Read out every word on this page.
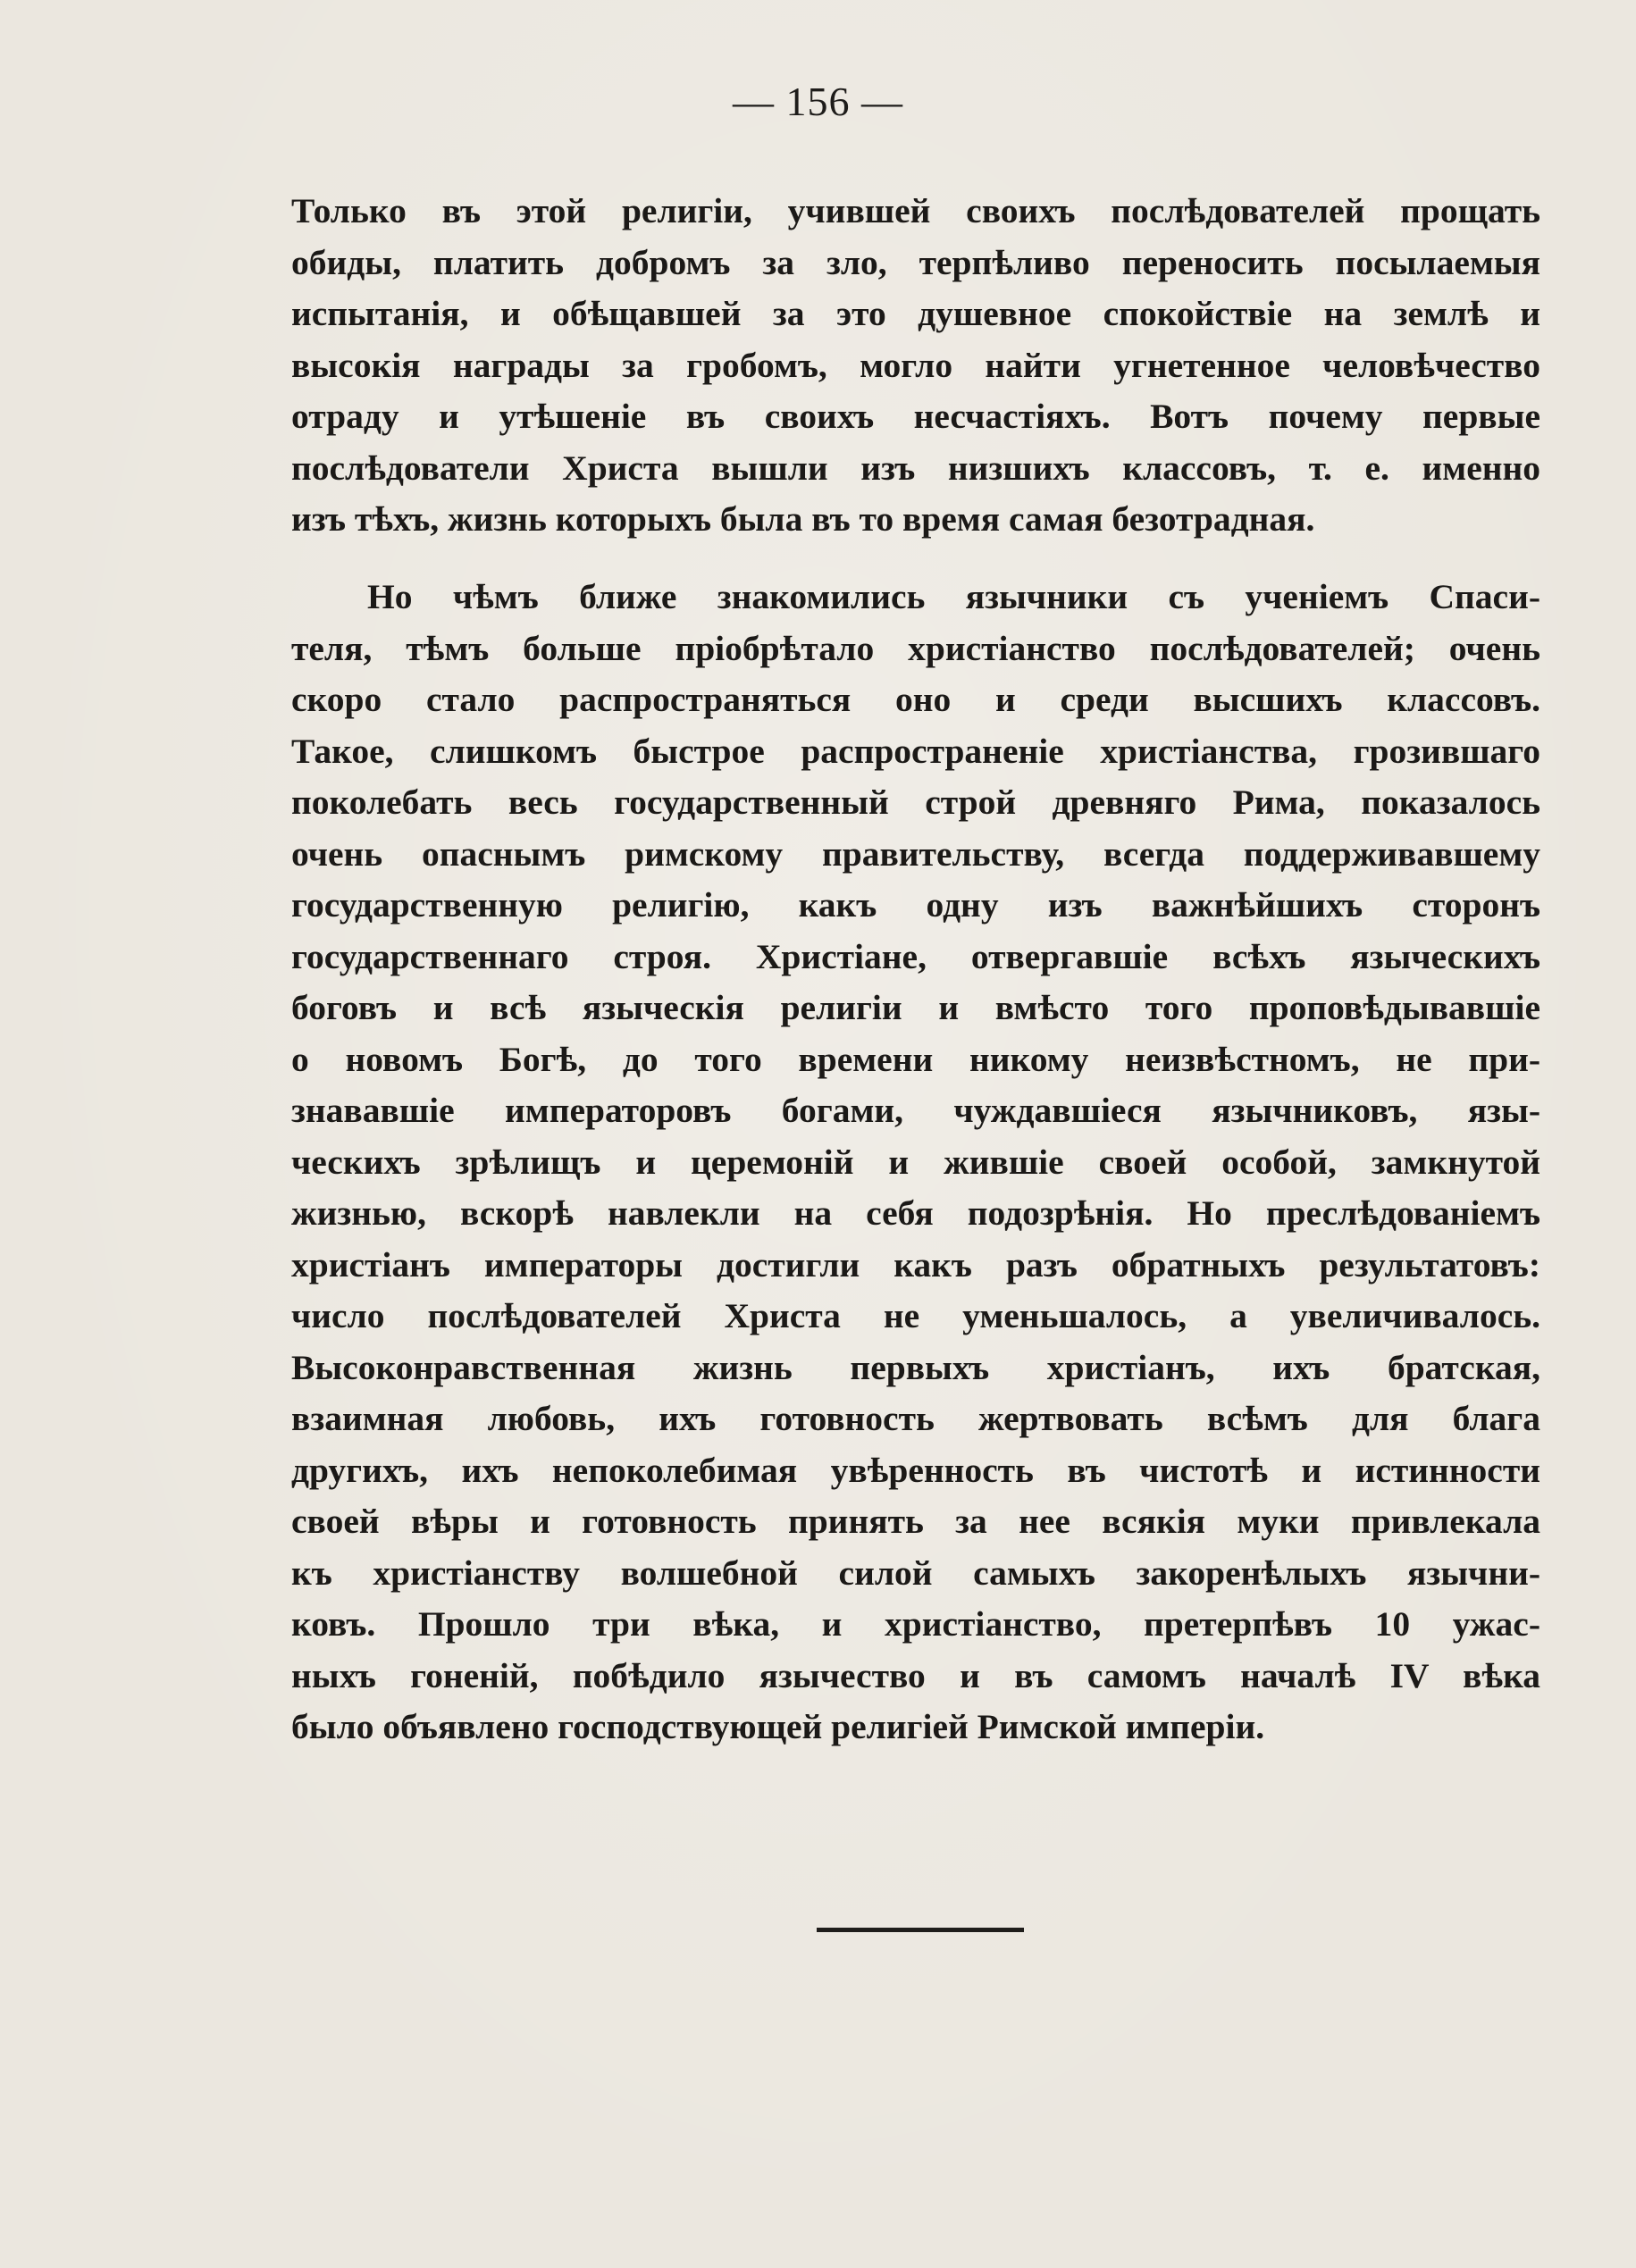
— 156 —
Только въ этой религіи, учившей своихъ послѣдователей прощать
обиды, платить добромъ за зло, терпѣливо переносить посылаемыя
испытанія, и обѣщавшей за это душевное спокойствіе на землѣ и
высокія награды за гробомъ, могло найти угнетенное человѣчество
отраду и утѣшеніе въ своихъ несчастіяхъ. Вотъ почему первые
послѣдователи Христа вышли изъ низшихъ классовъ, т. е. именно
изъ тѣхъ, жизнь которыхъ была въ то время самая безотрадная.
Но чѣмъ ближе знакомились язычники съ ученіемъ Спаси-
теля, тѣмъ больше пріобрѣтало христіанство послѣдователей; очень
скоро стало распространяться оно и среди высшихъ классовъ.
Такое, слишкомъ быстрое распространеніе христіанства, грозившаго
поколебать весь государственный строй древняго Рима, показалось
очень опаснымъ римскому правительству, всегда поддерживавшему
государственную религію, какъ одну изъ важнѣйшихъ сторонъ
государственнаго строя. Христіане, отвергавшіе всѣхъ языческихъ
боговъ и всѣ языческія религіи и вмѣсто того проповѣдывавшіе
о новомъ Богѣ, до того времени никому неизвѣстномъ, не при-
знававшіе императоровъ богами, чуждавшіеся язычниковъ, язы-
ческихъ зрѣлищъ и церемоній и жившіе своей особой, замкнутой
жизнью, вскорѣ навлекли на себя подозрѣнія. Но преслѣдованіемъ
христіанъ императоры достигли какъ разъ обратныхъ результатовъ:
число послѣдователей Христа не уменьшалось, а увеличивалось.
Высоконравственная жизнь первыхъ христіанъ, ихъ братская,
взаимная любовь, ихъ готовность жертвовать всѣмъ для блага
другихъ, ихъ непоколебимая увѣренность въ чистотѣ и истинности
своей вѣры и готовность принять за нее всякія муки привлекала
къ христіанству волшебной силой самыхъ закоренѣлыхъ язычни-
ковъ. Прошло три вѣка, и христіанство, претерпѣвъ 10 ужас-
ныхъ гоненій, побѣдило язычество и въ самомъ началѣ IV вѣка
было объявлено господствующей религіей Римской имперіи.
